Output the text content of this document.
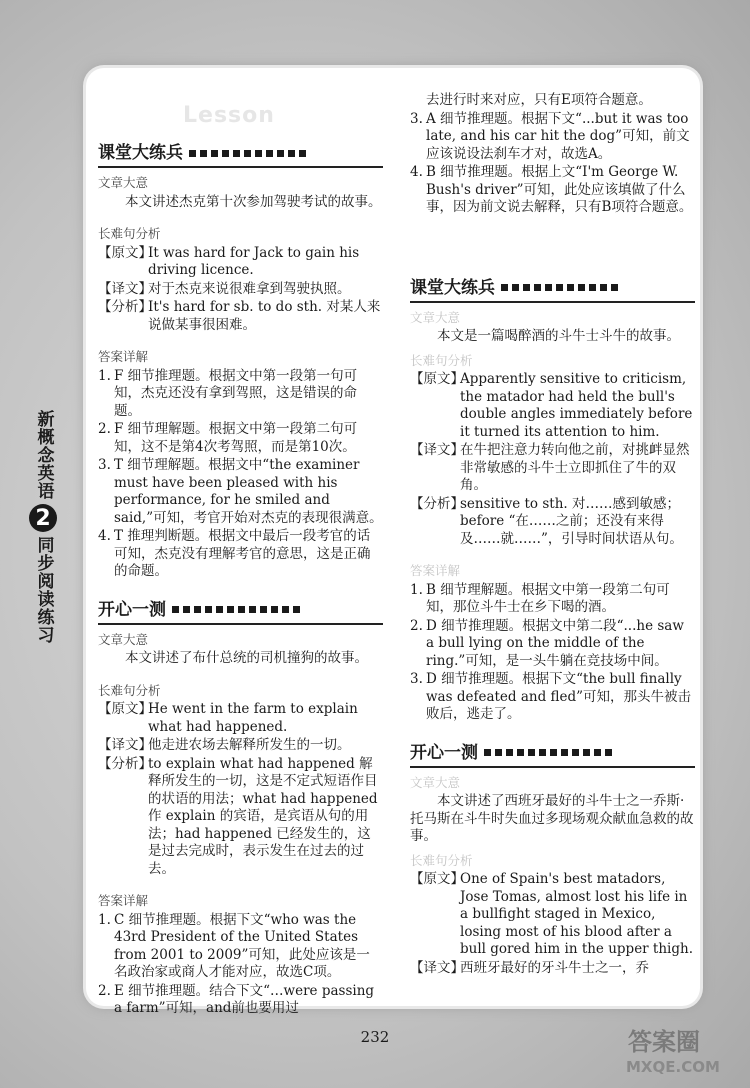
Lesson
新概念英语
2
同步阅读练习
课堂大练兵
文章大意

本文讲述杰克第十次参加驾驶考试的故事。

长难句分析
【原文】
It was hard for Jack to gain his driving licence.
【译文】
对于杰克来说很难拿到驾驶执照。
【分析】
It's hard for sb. to do sth. 对某人来说做某事很困难。
答案详解
1. F 细节推理题。根据文中第一段第一句可知，杰克还没有拿到驾照，这是错误的命题。
2. F 细节理解题。根据文中第一段第二句可知，这不是第4次考驾照，而是第10次。
3. T 细节理解题。根据文中“the examiner must have been pleased with his performance, for he smiled and said,”可知，考官开始对杰克的表现很满意。
4. T 推理判断题。根据文中最后一段考官的话可知，杰克没有理解考官的意思，这是正确的命题。
开心一测
文章大意

本文讲述了布什总统的司机撞狗的故事。

长难句分析
【原文】
He went in the farm to explain what had happened.
【译文】
他走进农场去解释所发生的一切。
【分析】
to explain what had happened 解释所发生的一切，这是不定式短语作目的状语的用法；what had happened 作 explain 的宾语，是宾语从句的用法；had happened 已经发生的，这是过去完成时，表示发生在过去的过去。
答案详解
1. C 细节推理题。根据下文“who was the 43rd President of the United States from 2001 to 2009”可知，此处应该是一名政治家或商人才能对应，故选C项。
2. E 细节推理题。结合下文“…were passing a farm”可知，and前也要用过
去进行时来对应，只有E项符合题意。
3. A 细节推理题。根据下文“...but it was too late, and his car hit the dog”可知，前文应该说设法刹车才对，故选A。
4. B 细节推理题。根据上文“I'm George W. Bush's driver”可知，此处应该填做了什么事，因为前文说去解释，只有B项符合题意。
课堂大练兵
文章大意

本文是一篇喝醉酒的斗牛士斗牛的故事。

长难句分析
【原文】
Apparently sensitive to criticism, the matador had held the bull's double angles immediately before it turned its attention to him.
【译文】
在牛把注意力转向他之前，对挑衅显然非常敏感的斗牛士立即抓住了牛的双角。
【分析】
sensitive to sth. 对……感到敏感；before “在……之前；还没有来得及……就……”，引导时间状语从句。
答案详解
1. B 细节理解题。根据文中第一段第二句可知，那位斗牛士在乡下喝的酒。
2. D 细节推理题。根据文中第二段“...he saw a bull lying on the middle of the ring.”可知，是一头牛躺在竞技场中间。
3. D 细节推理题。根据下文“the bull finally was defeated and fled”可知，那头牛被击败后，逃走了。
开心一测
文章大意

本文讲述了西班牙最好的斗牛士之一乔斯·托马斯在斗牛时失血过多现场观众献血急救的故事。

长难句分析
【原文】
One of Spain's best matadors, Jose Tomas, almost lost his life in a bullfight staged in Mexico, losing most of his blood after a bull gored him in the upper thigh.
【译文】
西班牙最好的牙斗牛士之一，乔
232	答案圈
MXQE.COM
